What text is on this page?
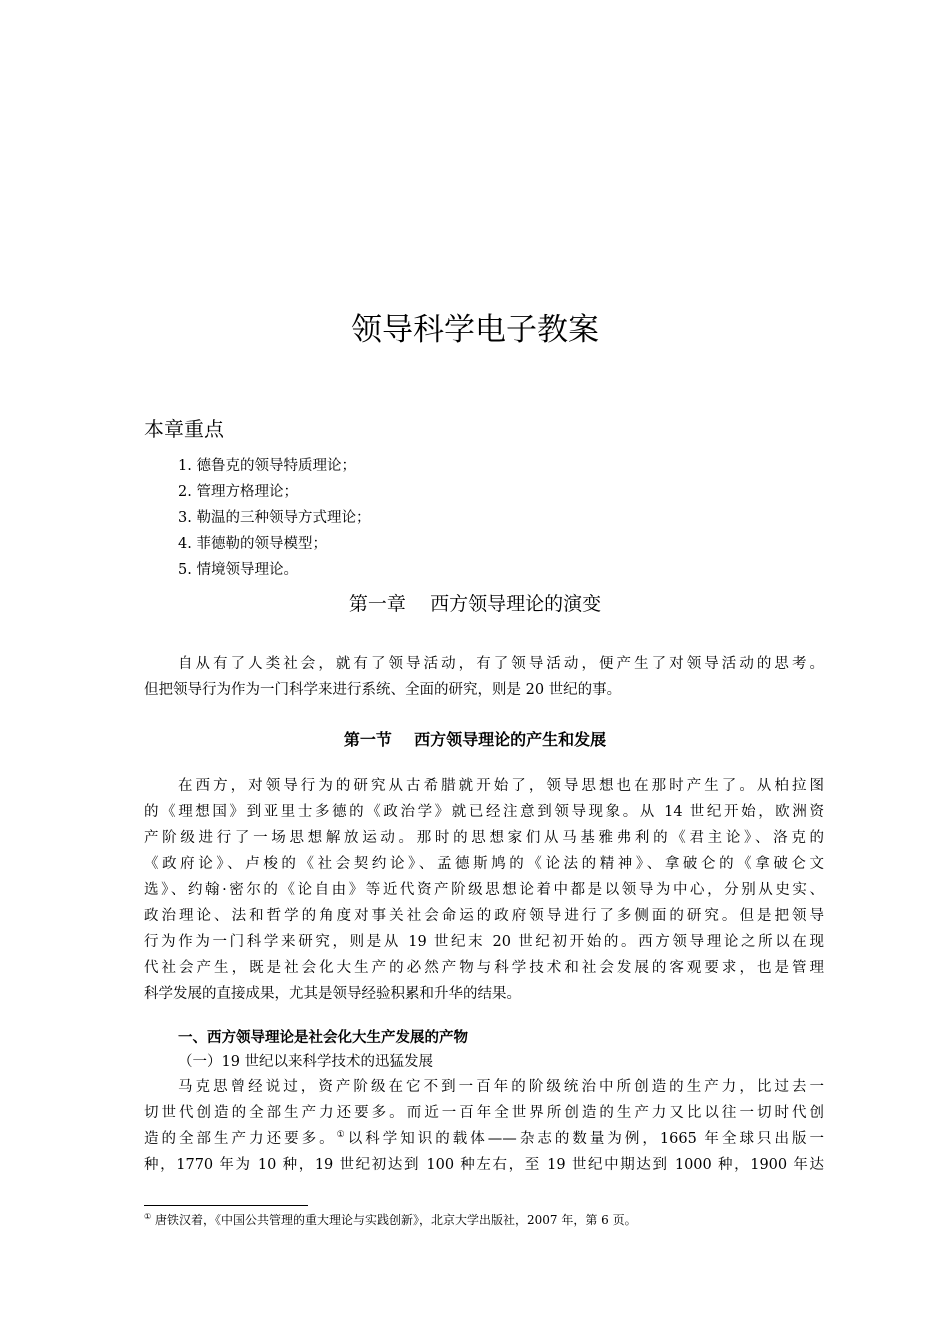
领导科学电子教案
本章重点
1. 德鲁克的领导特质理论；
2. 管理方格理论；
3. 勒温的三种领导方式理论；
4. 菲德勒的领导模型；
5. 情境领导理论。
第一章    西方领导理论的演变
自从有了人类社会，就有了领导活动，有了领导活动，便产生了对领导活动的思考。
但把领导行为作为一门科学来进行系统、全面的研究，则是 20 世纪的事。
第一节    西方领导理论的产生和发展
在西方，对领导行为的研究从古希腊就开始了，领导思想也在那时产生了。从柏拉图
的《理想国》到亚里士多德的《政治学》就已经注意到领导现象。从 14 世纪开始，欧洲资
产阶级进行了一场思想解放运动。那时的思想家们从马基雅弗利的《君主论》、洛克的
《政府论》、卢梭的《社会契约论》、孟德斯鸠的《论法的精神》、拿破仑的《拿破仑文
选》、约翰·密尔的《论自由》等近代资产阶级思想论着中都是以领导为中心，分别从史实、
政治理论、法和哲学的角度对事关社会命运的政府领导进行了多侧面的研究。但是把领导
行为作为一门科学来研究，则是从 19 世纪末 20 世纪初开始的。西方领导理论之所以在现
代社会产生，既是社会化大生产的必然产物与科学技术和社会发展的客观要求，也是管理
科学发展的直接成果，尤其是领导经验积累和升华的结果。
一、西方领导理论是社会化大生产发展的产物

（一）19 世纪以来科学技术的迅猛发展

马克思曾经说过，资产阶级在它不到一百年的阶级统治中所创造的生产力，比过去一
切世代创造的全部生产力还要多。而近一百年全世界所创造的生产力又比以往一切时代创
造的全部生产力还要多。①以科学知识的载体——杂志的数量为例，1665 年全球只出版一
种，1770 年为 10 种，19 世纪初达到 100 种左右，至 19 世纪中期达到 1000 种，1900 年达

① 唐铁汉着，《中国公共管理的重大理论与实践创新》，北京大学出版社，2007 年，第 6 页。
